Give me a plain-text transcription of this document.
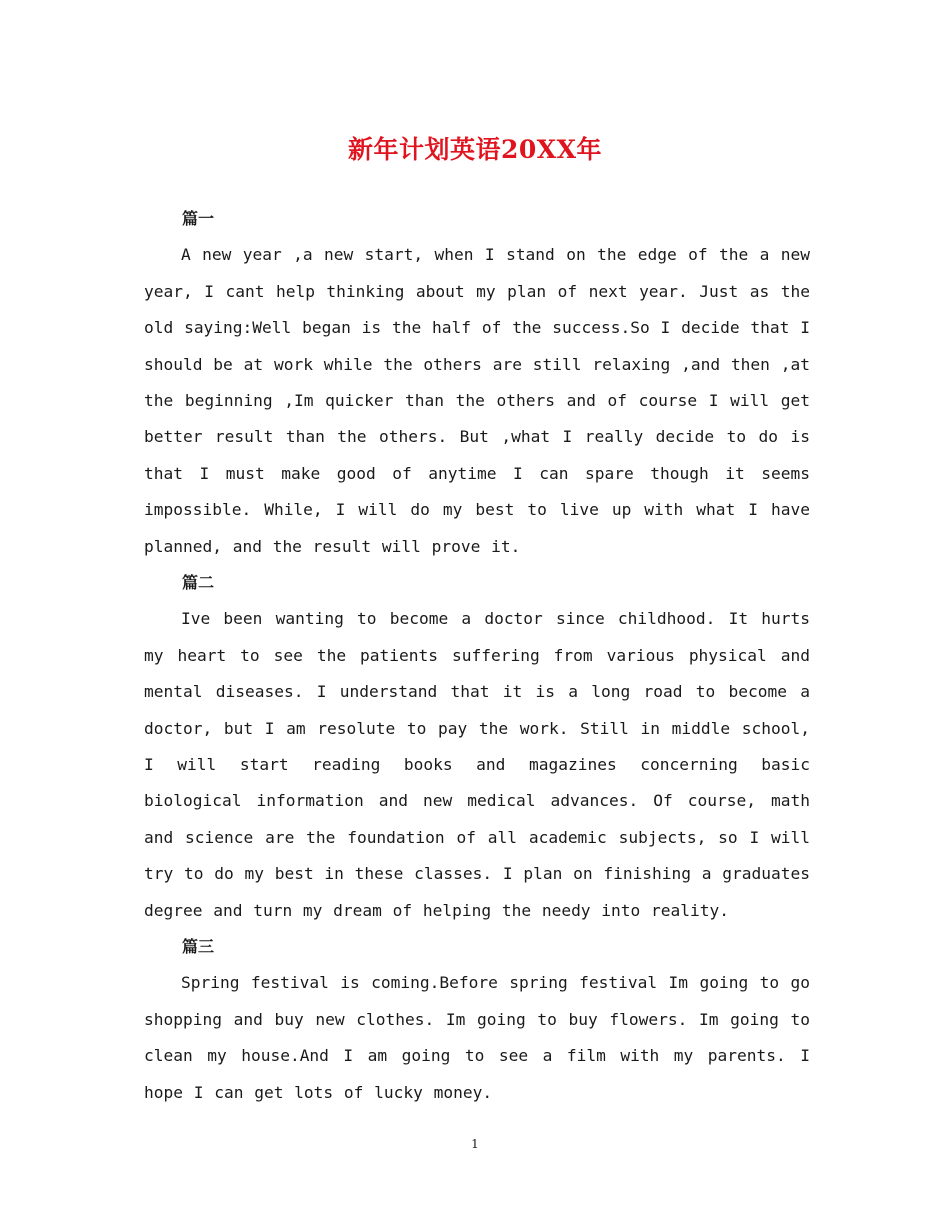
新年计划英语20XX年
篇一

A new year ,a new start, when I stand on the edge of the a new year, I cant help thinking about my plan of next year. Just as the old saying:Well began is the half of the success.So I decide that I should be at work while the others are still relaxing ,and then ,at the beginning ,Im quicker than the others and of course I will get better result than the others. But ,what I really decide to do is that I must make good of anytime I can spare though it seems impossible. While, I will do my best to live up with what I have planned, and the result will prove it.

篇二

Ive been wanting to become a doctor since childhood. It hurts my heart to see the patients suffering from various physical and mental diseases. I understand that it is a long road to become a doctor, but I am resolute to pay the work. Still in middle school, I will start reading books and magazines concerning basic biological information and new medical advances. Of course, math and science are the foundation of all academic subjects, so I will try to do my best in these classes. I plan on finishing a graduates degree and turn my dream of helping the needy into reality.

篇三

Spring festival is coming.Before spring festival Im going to go shopping and buy new clothes. Im going to buy flowers. Im going to clean my house.And I am going to see a film with my parents. I hope I can get lots of lucky money.

1
